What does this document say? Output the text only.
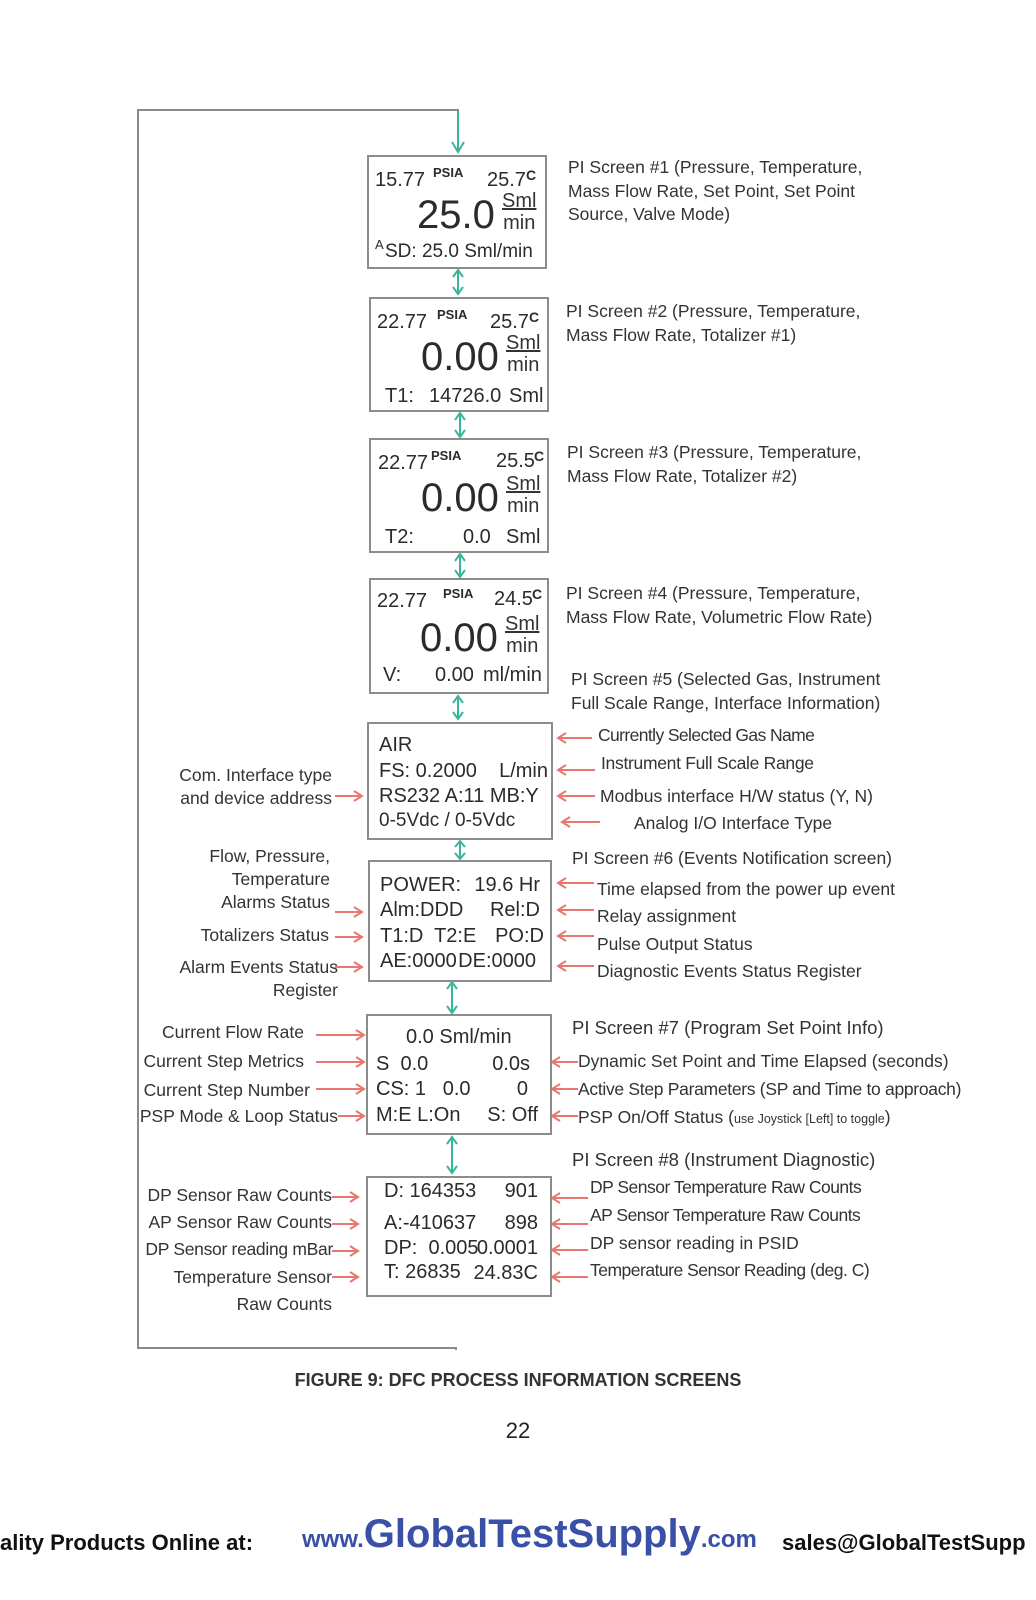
15.77 PSIA 25.7 C
25.0 Sml
min
A SD: 25.0 Sml/min
PI Screen #1 (Pressure, Temperature,
Mass Flow Rate, Set Point, Set Point
Source, Valve Mode)
22.77 PSIA 25.7 C
0.00 Sml
min
T1: 14726.0 Sml
PI Screen #2 (Pressure, Temperature,
Mass Flow Rate, Totalizer #1)
22.77 PSIA 25.5 C
0.00 Sml
min
T2: 0.0 Sml
PI Screen #3 (Pressure, Temperature,
Mass Flow Rate, Totalizer #2)
22.77 PSIA 24.5 C
0.00 Sml
min
V: 0.00 ml/min
PI Screen #4 (Pressure, Temperature,
Mass Flow Rate, Volumetric Flow Rate)
PI Screen #5 (Selected Gas, Instrument
Full Scale Range, Interface Information)
AIR
FS: 0.2000    L/min
RS232 A:11 MB:Y
0-5Vdc / 0-5Vdc
Com. Interface type
and device address
Currently Selected Gas Name
Instrument Full Scale Range
Modbus interface H/W status (Y, N)
Analog I/O Interface Type
PI Screen #6 (Events Notification screen)
POWER: 19.6 Hr
Alm:DDD Rel:D
T1:D  T2:E PO:D
AE:0000 DE:0000
Flow, Pressure,
Temperature
Alarms Status
Totalizers Status
Alarm Events Status
Register
Time elapsed from the power up event
Relay assignment
Pulse Output Status
Diagnostic Events Status Register
PI Screen #7 (Program Set Point Info)
0.0 Sml/min
S  0.0	0.0s
CS: 1   0.0 0
M:E L:On S: Off
Current Flow Rate
Current Step Metrics
Current Step Number
PSP Mode & Loop Status
Dynamic Set Point and Time Elapsed (seconds)
Active Step Parameters (SP and Time to approach)
PSP On/Off Status (use Joystick [Left] to toggle)
PI Screen #8 (Instrument Diagnostic)
D: 164353 901
A:-410637 898
DP:  0.005
0.0001
T: 26835 24.83C
DP Sensor Raw Counts
AP Sensor Raw Counts
DP Sensor reading mBar
Temperature Sensor
Raw Counts
DP Sensor Temperature Raw Counts
AP Sensor Temperature Raw Counts
DP sensor reading in PSID
Temperature Sensor Reading (deg. C)
FIGURE 9: DFC PROCESS INFORMATION SCREENS
22
ality Products Online at: www.GlobalTestSupply.com sales@GlobalTestSupp
